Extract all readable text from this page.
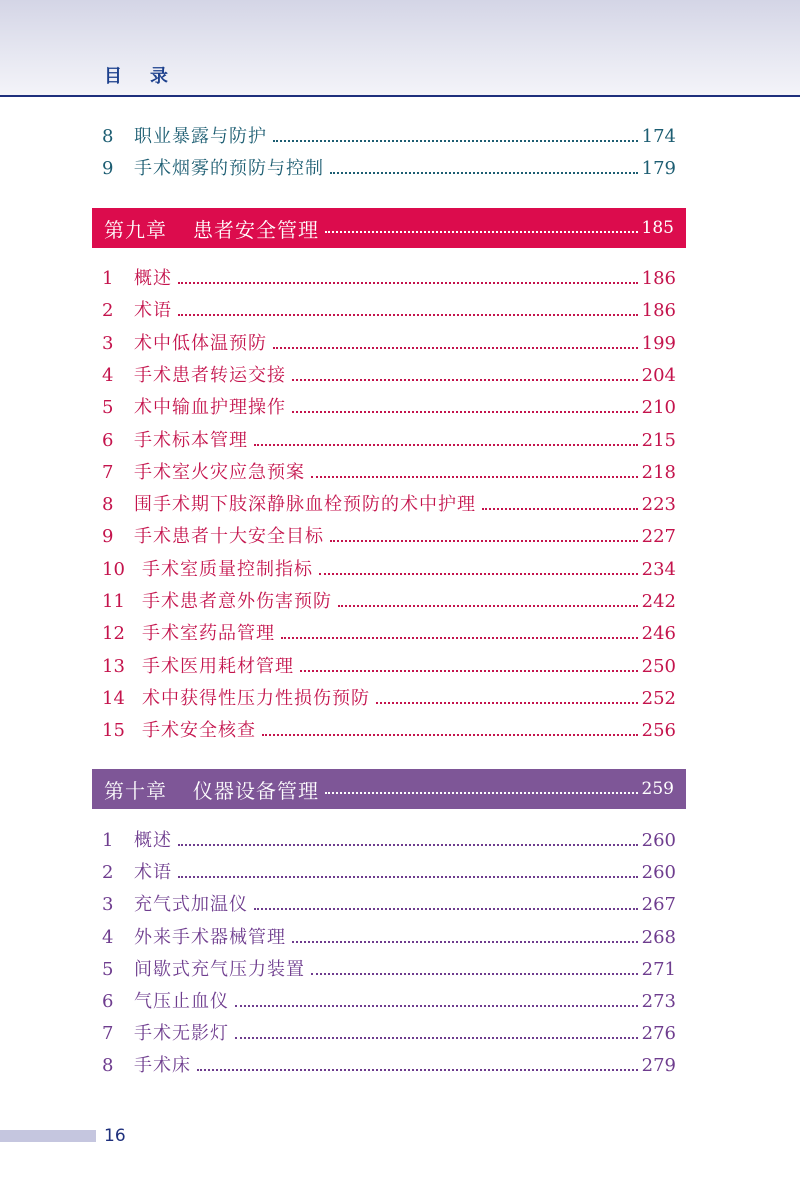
目录
8	职业暴露与防护	174
9	手术烟雾的预防与控制	179
第九章 患者安全管理	185
1	概述	186
2	术语	186
3	术中低体温预防	199
4	手术患者转运交接	204
5	术中输血护理操作	210
6	手术标本管理	215
7	手术室火灾应急预案	218
8	围手术期下肢深静脉血栓预防的术中护理	223
9	手术患者十大安全目标	227
10 手术室质量控制指标	234
11 手术患者意外伤害预防	242
12 手术室药品管理	246
13 手术医用耗材管理	250
14 术中获得性压力性损伤预防	252
15 手术安全核查	256
第十章 仪器设备管理	259
1	概述	260
2	术语	260
3	充气式加温仪	267
4	外来手术器械管理	268
5	间歇式充气压力装置	271
6	气压止血仪	273
7	手术无影灯	276
8	手术床	279
16
